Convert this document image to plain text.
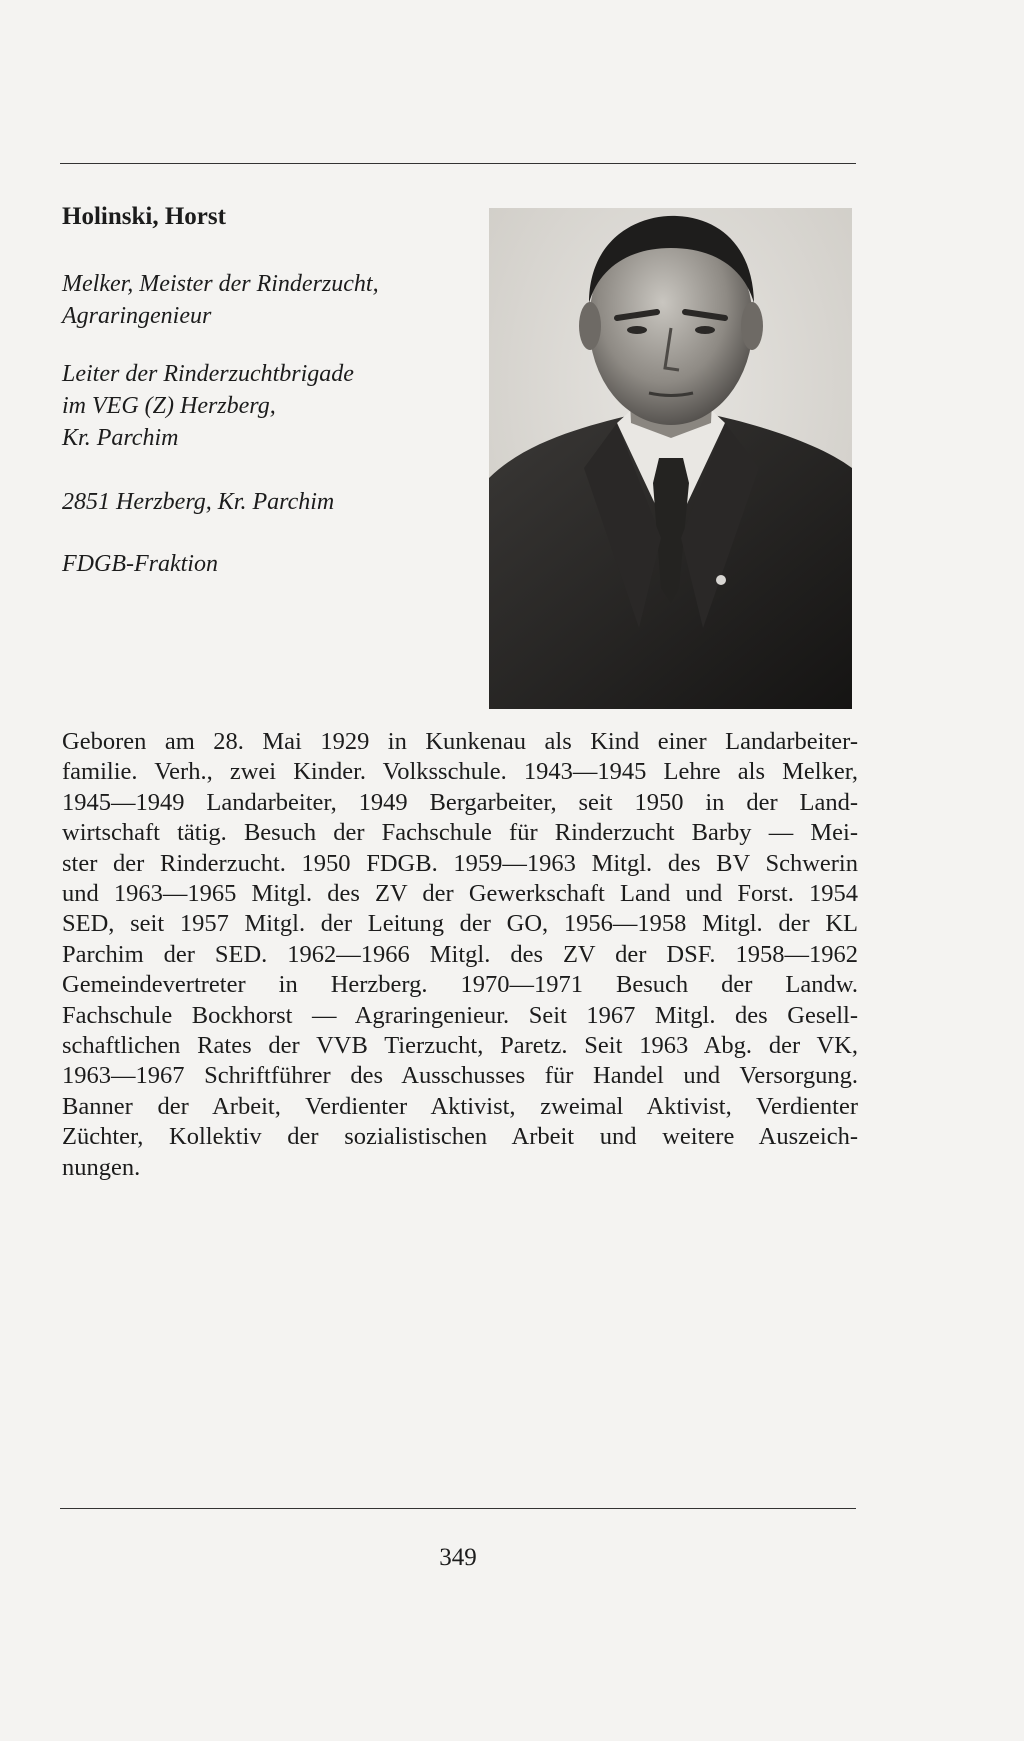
Holinski, Horst
Melker, Meister der Rinderzucht,
Agraringenieur
Leiter der Rinderzuchtbrigade
im VEG (Z) Herzberg,
Kr. Parchim
2851 Herzberg, Kr. Parchim
FDGB-Fraktion
Geboren am 28. Mai 1929 in Kunkenau als Kind einer Landarbeiter-
familie. Verh., zwei Kinder. Volksschule. 1943—1945 Lehre als Melker,
1945—1949 Landarbeiter, 1949 Bergarbeiter, seit 1950 in der Land-
wirtschaft tätig. Besuch der Fachschule für Rinderzucht Barby — Mei-
ster der Rinderzucht. 1950 FDGB. 1959—1963 Mitgl. des BV Schwerin
und 1963—1965 Mitgl. des ZV der Gewerkschaft Land und Forst. 1954
SED, seit 1957 Mitgl. der Leitung der GO, 1956—1958 Mitgl. der KL
Parchim der SED. 1962—1966 Mitgl. des ZV der DSF. 1958—1962
Gemeindevertreter in Herzberg. 1970—1971 Besuch der Landw.
Fachschule Bockhorst — Agraringenieur. Seit 1967 Mitgl. des Gesell-
schaftlichen Rates der VVB Tierzucht, Paretz. Seit 1963 Abg. der VK,
1963—1967 Schriftführer des Ausschusses für Handel und Versorgung.
Banner der Arbeit, Verdienter Aktivist, zweimal Aktivist, Verdienter
Züchter, Kollektiv der sozialistischen Arbeit und weitere Auszeich-
nungen.
349
